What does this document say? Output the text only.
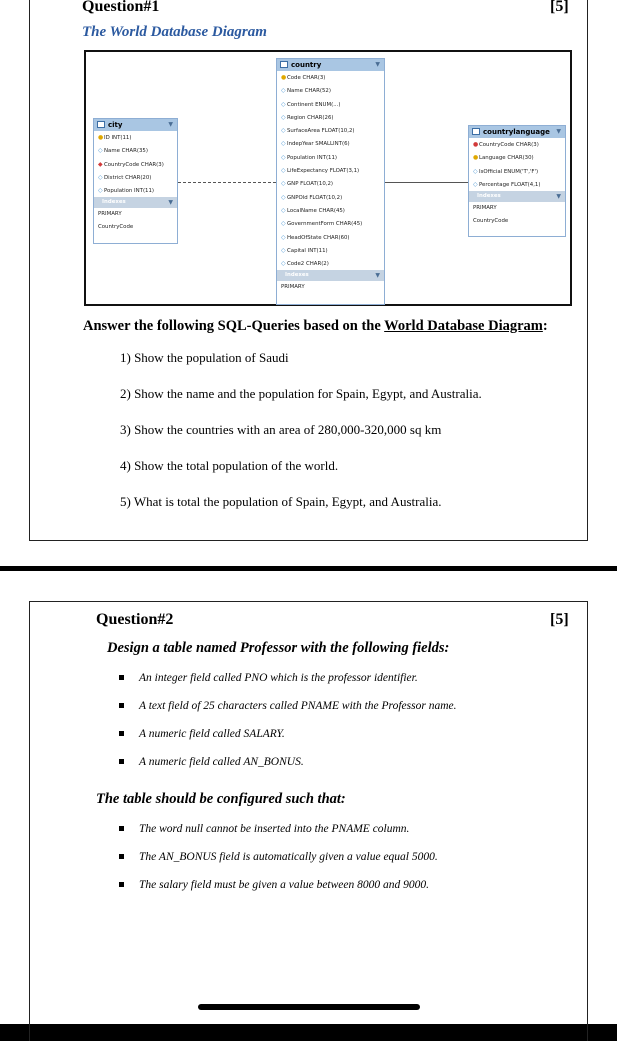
Question#1	[5]
The World Database Diagram
city	▼
●ID INT(11)
◇Name CHAR(35)
◆CountryCode CHAR(3)
◇District CHAR(20)
◇Population INT(11)
Indexes	▼
PRIMARY
CountryCode
country	▼
●Code CHAR(3)
◇Name CHAR(52)
◇Continent ENUM(...)
◇Region CHAR(26)
◇SurfaceArea FLOAT(10,2)
◇IndepYear SMALLINT(6)
◇Population INT(11)
◇LifeExpectancy FLOAT(3,1)
◇GNP FLOAT(10,2)
◇GNPOld FLOAT(10,2)
◇LocalName CHAR(45)
◇GovernmentForm CHAR(45)
◇HeadOfState CHAR(60)
◇Capital INT(11)
◇Code2 CHAR(2)
Indexes	▼
PRIMARY
countrylanguage ▼
●CountryCode CHAR(3)
●Language CHAR(30)
◇IsOfficial ENUM('T','F')
◇Percentage FLOAT(4,1)
Indexes	▼
PRIMARY
CountryCode
Answer the following SQL-Queries based on the World Database Diagram:
1) Show the population of Saudi
2) Show the name and the population for Spain, Egypt, and Australia.
3) Show the countries with an area of 280,000-320,000 sq km
4) Show the total population of the world.
5) What is total the population of Spain, Egypt, and Australia.
Question#2	[5]
Design a table named Professor with the following fields:
An integer field called PNO which is the professor identifier.
A text field of 25 characters called PNAME with the Professor name.
A numeric field called SALARY.
A numeric field called AN_BONUS.
The table should be configured such that:
The word null cannot be inserted into the PNAME column.
The AN_BONUS field is automatically given a value equal 5000.
The salary field must be given a value between 8000 and 9000.
